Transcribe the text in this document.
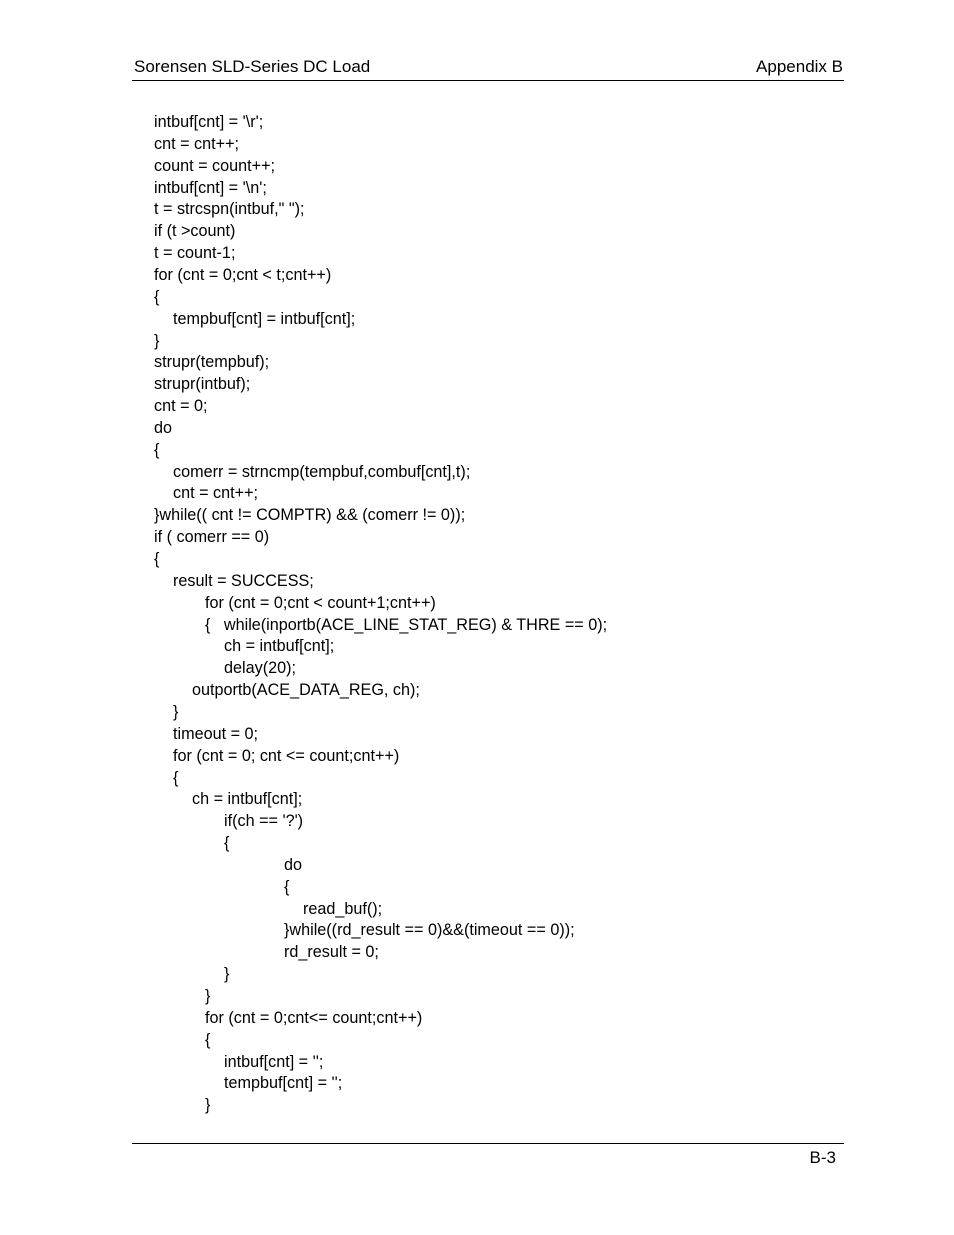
Sorensen SLD-Series DC Load	Appendix B
intbuf[cnt] = '\r';
cnt = cnt++;
count = count++;
intbuf[cnt] = '\n';
t = strcspn(intbuf," ");
if (t >count)
t = count-1;
for (cnt = 0;cnt < t;cnt++)
{
tempbuf[cnt] = intbuf[cnt];
}
strupr(tempbuf);
strupr(intbuf);
cnt = 0;
do
{
comerr = strncmp(tempbuf,combuf[cnt],t);
cnt = cnt++;
}while(( cnt != COMPTR) && (comerr != 0));
if ( comerr == 0)
{
result = SUCCESS;
for (cnt = 0;cnt < count+1;cnt++)
{   while(inportb(ACE_LINE_STAT_REG) & THRE == 0);
ch = intbuf[cnt];
delay(20);
outportb(ACE_DATA_REG, ch);
}
timeout = 0;
for (cnt = 0; cnt <= count;cnt++)
{
ch = intbuf[cnt];
if(ch == '?')
{
do
{
read_buf();
}while((rd_result == 0)&&(timeout == 0));
rd_result = 0;
}
}
for (cnt = 0;cnt<= count;cnt++)
{
intbuf[cnt] = '';
tempbuf[cnt] = '';
}
B-3
